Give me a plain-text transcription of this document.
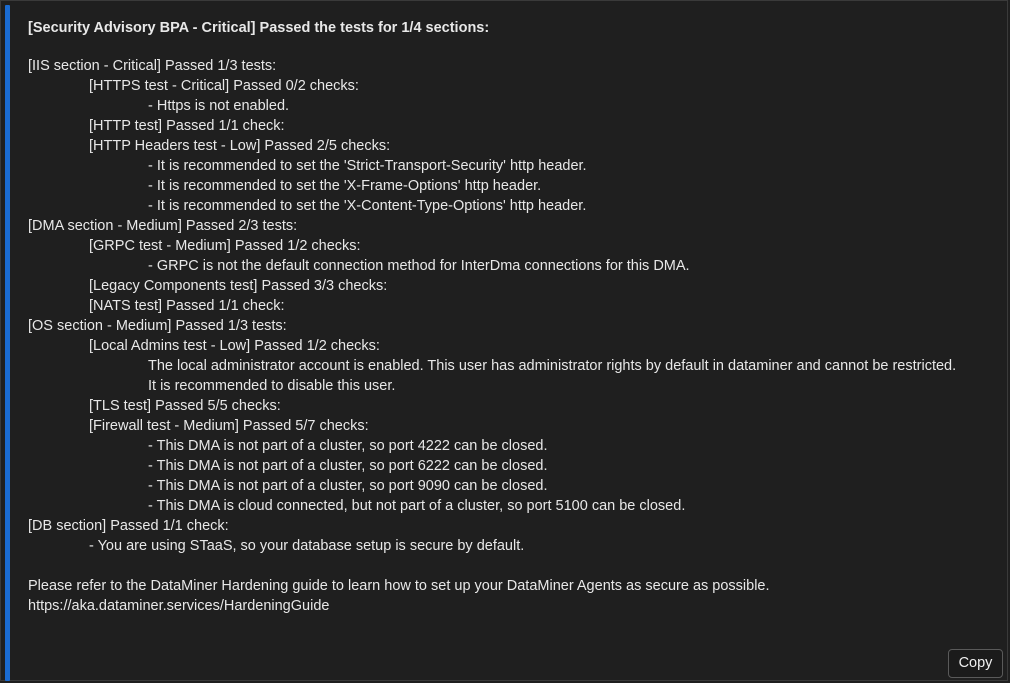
[Security Advisory BPA - Critical] Passed the tests for 1/4 sections:
[IIS section - Critical] Passed 1/3 tests:
[HTTPS test - Critical] Passed 0/2 checks:
- Https is not enabled.
[HTTP test] Passed 1/1 check:
[HTTP Headers test - Low] Passed 2/5 checks:
- It is recommended to set the 'Strict-Transport-Security' http header.
- It is recommended to set the 'X-Frame-Options' http header.
- It is recommended to set the 'X-Content-Type-Options' http header.
[DMA section - Medium] Passed 2/3 tests:
[GRPC test - Medium] Passed 1/2 checks:
- GRPC is not the default connection method for InterDma connections for this DMA.
[Legacy Components test] Passed 3/3 checks:
[NATS test] Passed 1/1 check:
[OS section - Medium] Passed 1/3 tests:
[Local Admins test - Low] Passed 1/2 checks:
The local administrator account is enabled. This user has administrator rights by default in dataminer and cannot be restricted.
It is recommended to disable this user.
[TLS test] Passed 5/5 checks:
[Firewall test - Medium] Passed 5/7 checks:
- This DMA is not part of a cluster, so port 4222 can be closed.
- This DMA is not part of a cluster, so port 6222 can be closed.
- This DMA is not part of a cluster, so port 9090 can be closed.
- This DMA is cloud connected, but not part of a cluster, so port 5100 can be closed.
[DB section] Passed 1/1 check:
- You are using STaaS, so your database setup is secure by default.
Please refer to the DataMiner Hardening guide to learn how to set up your DataMiner Agents as secure as possible.
https://aka.dataminer.services/HardeningGuide
Copy
